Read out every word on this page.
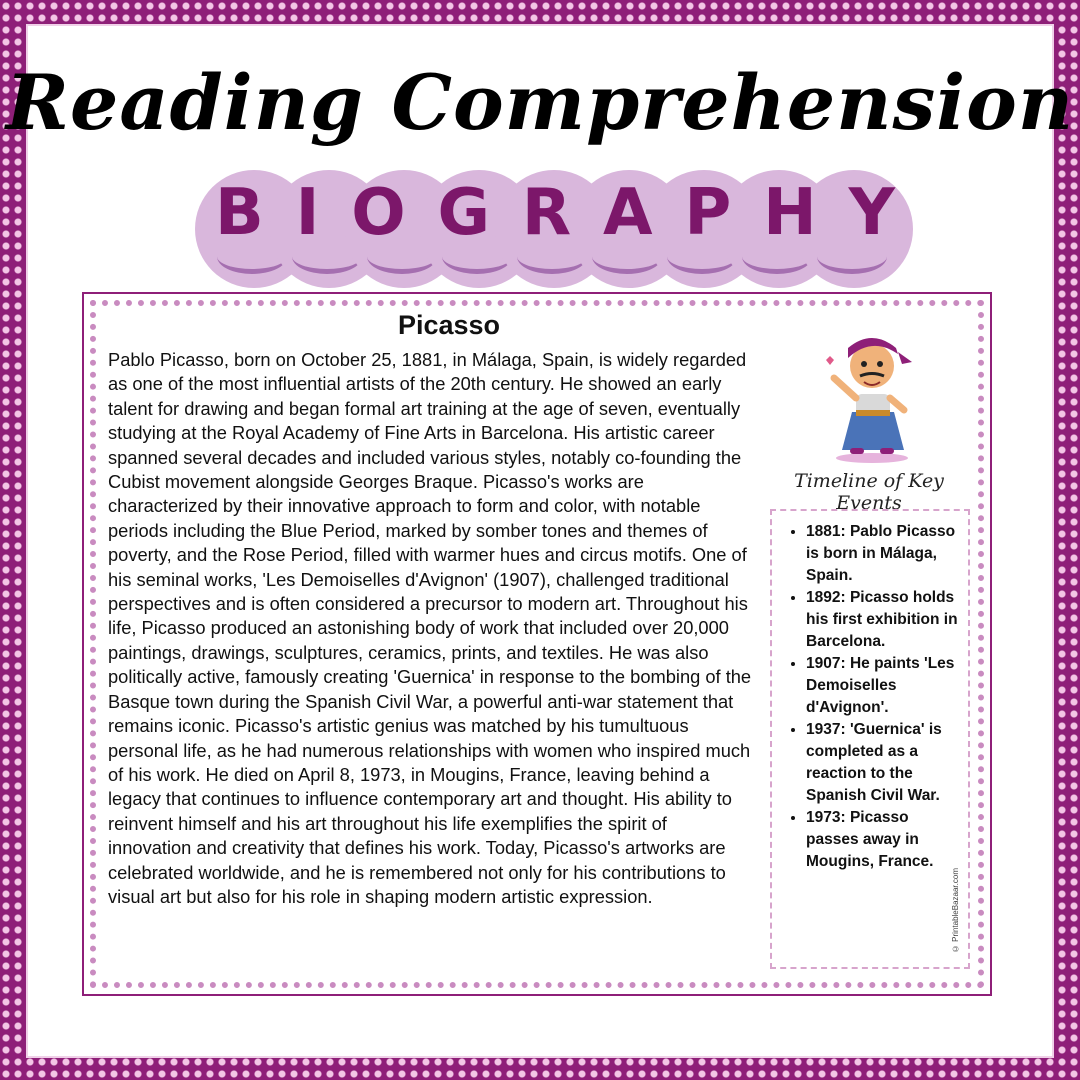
Reading Comprehension
B I O G R A P H Y
Picasso
Pablo Picasso, born on October 25, 1881, in Málaga, Spain, is widely regarded as one of the most influential artists of the 20th century. He showed an early talent for drawing and began formal art training at the age of seven, eventually studying at the Royal Academy of Fine Arts in Barcelona. His artistic career spanned several decades and included various styles, notably co-founding the Cubist movement alongside Georges Braque. Picasso's works are characterized by their innovative approach to form and color, with notable periods including the Blue Period, marked by somber tones and themes of poverty, and the Rose Period, filled with warmer hues and circus motifs. One of his seminal works, 'Les Demoiselles d'Avignon' (1907), challenged traditional perspectives and is often considered a precursor to modern art. Throughout his life, Picasso produced an astonishing body of work that included over 20,000 paintings, drawings, sculptures, ceramics, prints, and textiles. He was also politically active, famously creating 'Guernica' in response to the bombing of the Basque town during the Spanish Civil War, a powerful anti-war statement that remains iconic. Picasso's artistic genius was matched by his tumultuous personal life, as he had numerous relationships with women who inspired much of his work. He died on April 8, 1973, in Mougins, France, leaving behind a legacy that continues to influence contemporary art and thought. His ability to reinvent himself and his art throughout his life exemplifies the spirit of innovation and creativity that defines his work. Today, Picasso's artworks are celebrated worldwide, and he is remembered not only for his contributions to visual art but also for his role in shaping modern artistic expression.
Timeline of Key Events
• 1881: Pablo Picasso is born in Málaga, Spain.
• 1892: Picasso holds his first exhibition in Barcelona.
• 1907: He paints 'Les Demoiselles d'Avignon'.
• 1937: 'Guernica' is completed as a reaction to the Spanish Civil War.
• 1973: Picasso passes away in Mougins, France.
© PrintableBazaar.com
